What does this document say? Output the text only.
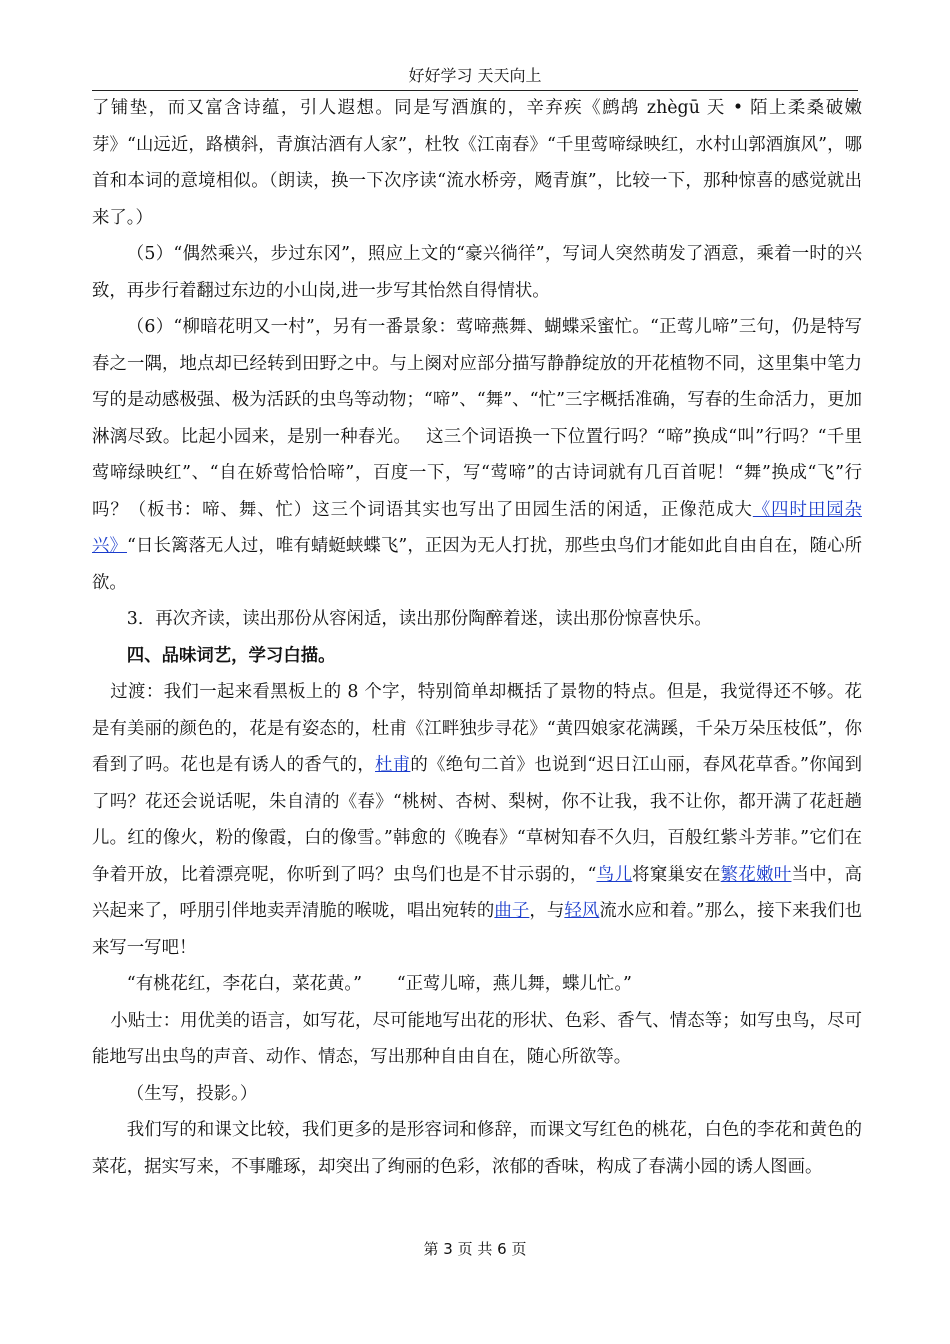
好好学习 天天向上

了铺垫，而又富含诗蕴，引人遐想。同是写酒旗的，辛弃疾《鹧鸪 zhègū 天 • 陌上柔桑破嫩芽》“山远近，路横斜，青旗沽酒有人家”，杜牧《江南春》“千里莺啼绿映红，水村山郭酒旗风”，哪首和本词的意境相似。（朗读，换一下次序读“流水桥旁，飏青旗”，比较一下，那种惊喜的感觉就出来了。）

（5）“偶然乘兴，步过东冈”，照应上文的“豪兴徜徉”，写词人突然萌发了酒意，乘着一时的兴致，再步行着翻过东边的小山岗,进一步写其怡然自得情状。

（6）“柳暗花明又一村”，另有一番景象：莺啼燕舞、蝴蝶采蜜忙。“正莺儿啼”三句，仍是特写春之一隅，地点却已经转到田野之中。与上阕对应部分描写静静绽放的开花植物不同，这里集中笔力写的是动感极强、极为活跃的虫鸟等动物；“啼”、“舞”、“忙”三字概括准确，写春的生命活力，更加淋漓尽致。比起小园来，是别一种春光。　 这三个词语换一下位置行吗？“啼”换成“叫”行吗？“千里莺啼绿映红”、“自在娇莺恰恰啼”，百度一下，写“莺啼”的古诗词就有几百首呢！“舞”换成“飞”行吗？（板书：啼、舞、忙）这三个词语其实也写出了田园生活的闲适，正像范成大《四时田园杂兴》“日长篱落无人过，唯有蜻蜓蛱蝶飞”，正因为无人打扰，那些虫鸟们才能如此自由自在，随心所欲。

3．再次齐读，读出那份从容闲适，读出那份陶醉着迷，读出那份惊喜快乐。

四、品味词艺，学习白描。

过渡：我们一起来看黑板上的 8 个字，特别简单却概括了景物的特点。但是，我觉得还不够。花是有美丽的颜色的，花是有姿态的，杜甫《江畔独步寻花》“黄四娘家花满蹊，千朵万朵压枝低”，你看到了吗。花也是有诱人的香气的，杜甫的《绝句二首》也说到“迟日江山丽，春风花草香。”你闻到了吗？花还会说话呢，朱自清的《春》“桃树、杏树、梨树，你不让我，我不让你，都开满了花赶趟儿。红的像火，粉的像霞，白的像雪。”韩愈的《晚春》“草树知春不久归，百般红紫斗芳菲。”它们在争着开放，比着漂亮呢，你听到了吗？虫鸟们也是不甘示弱的，“鸟儿将窠巢安在繁花嫩叶当中，高兴起来了，呼朋引伴地卖弄清脆的喉咙，唱出宛转的曲子，与轻风流水应和着。”那么，接下来我们也来写一写吧！

“有桃花红，李花白，菜花黄。”　　“正莺儿啼，燕儿舞，蝶儿忙。”

小贴士：用优美的语言，如写花，尽可能地写出花的形状、色彩、香气、情态等；如写虫鸟，尽可能地写出虫鸟的声音、动作、情态，写出那种自由自在，随心所欲等。

（生写，投影。）

我们写的和课文比较，我们更多的是形容词和修辞，而课文写红色的桃花，白色的李花和黄色的菜花，据实写来，不事雕琢，却突出了绚丽的色彩，浓郁的香味，构成了春满小园的诱人图画。

第 3 页 共 6 页
